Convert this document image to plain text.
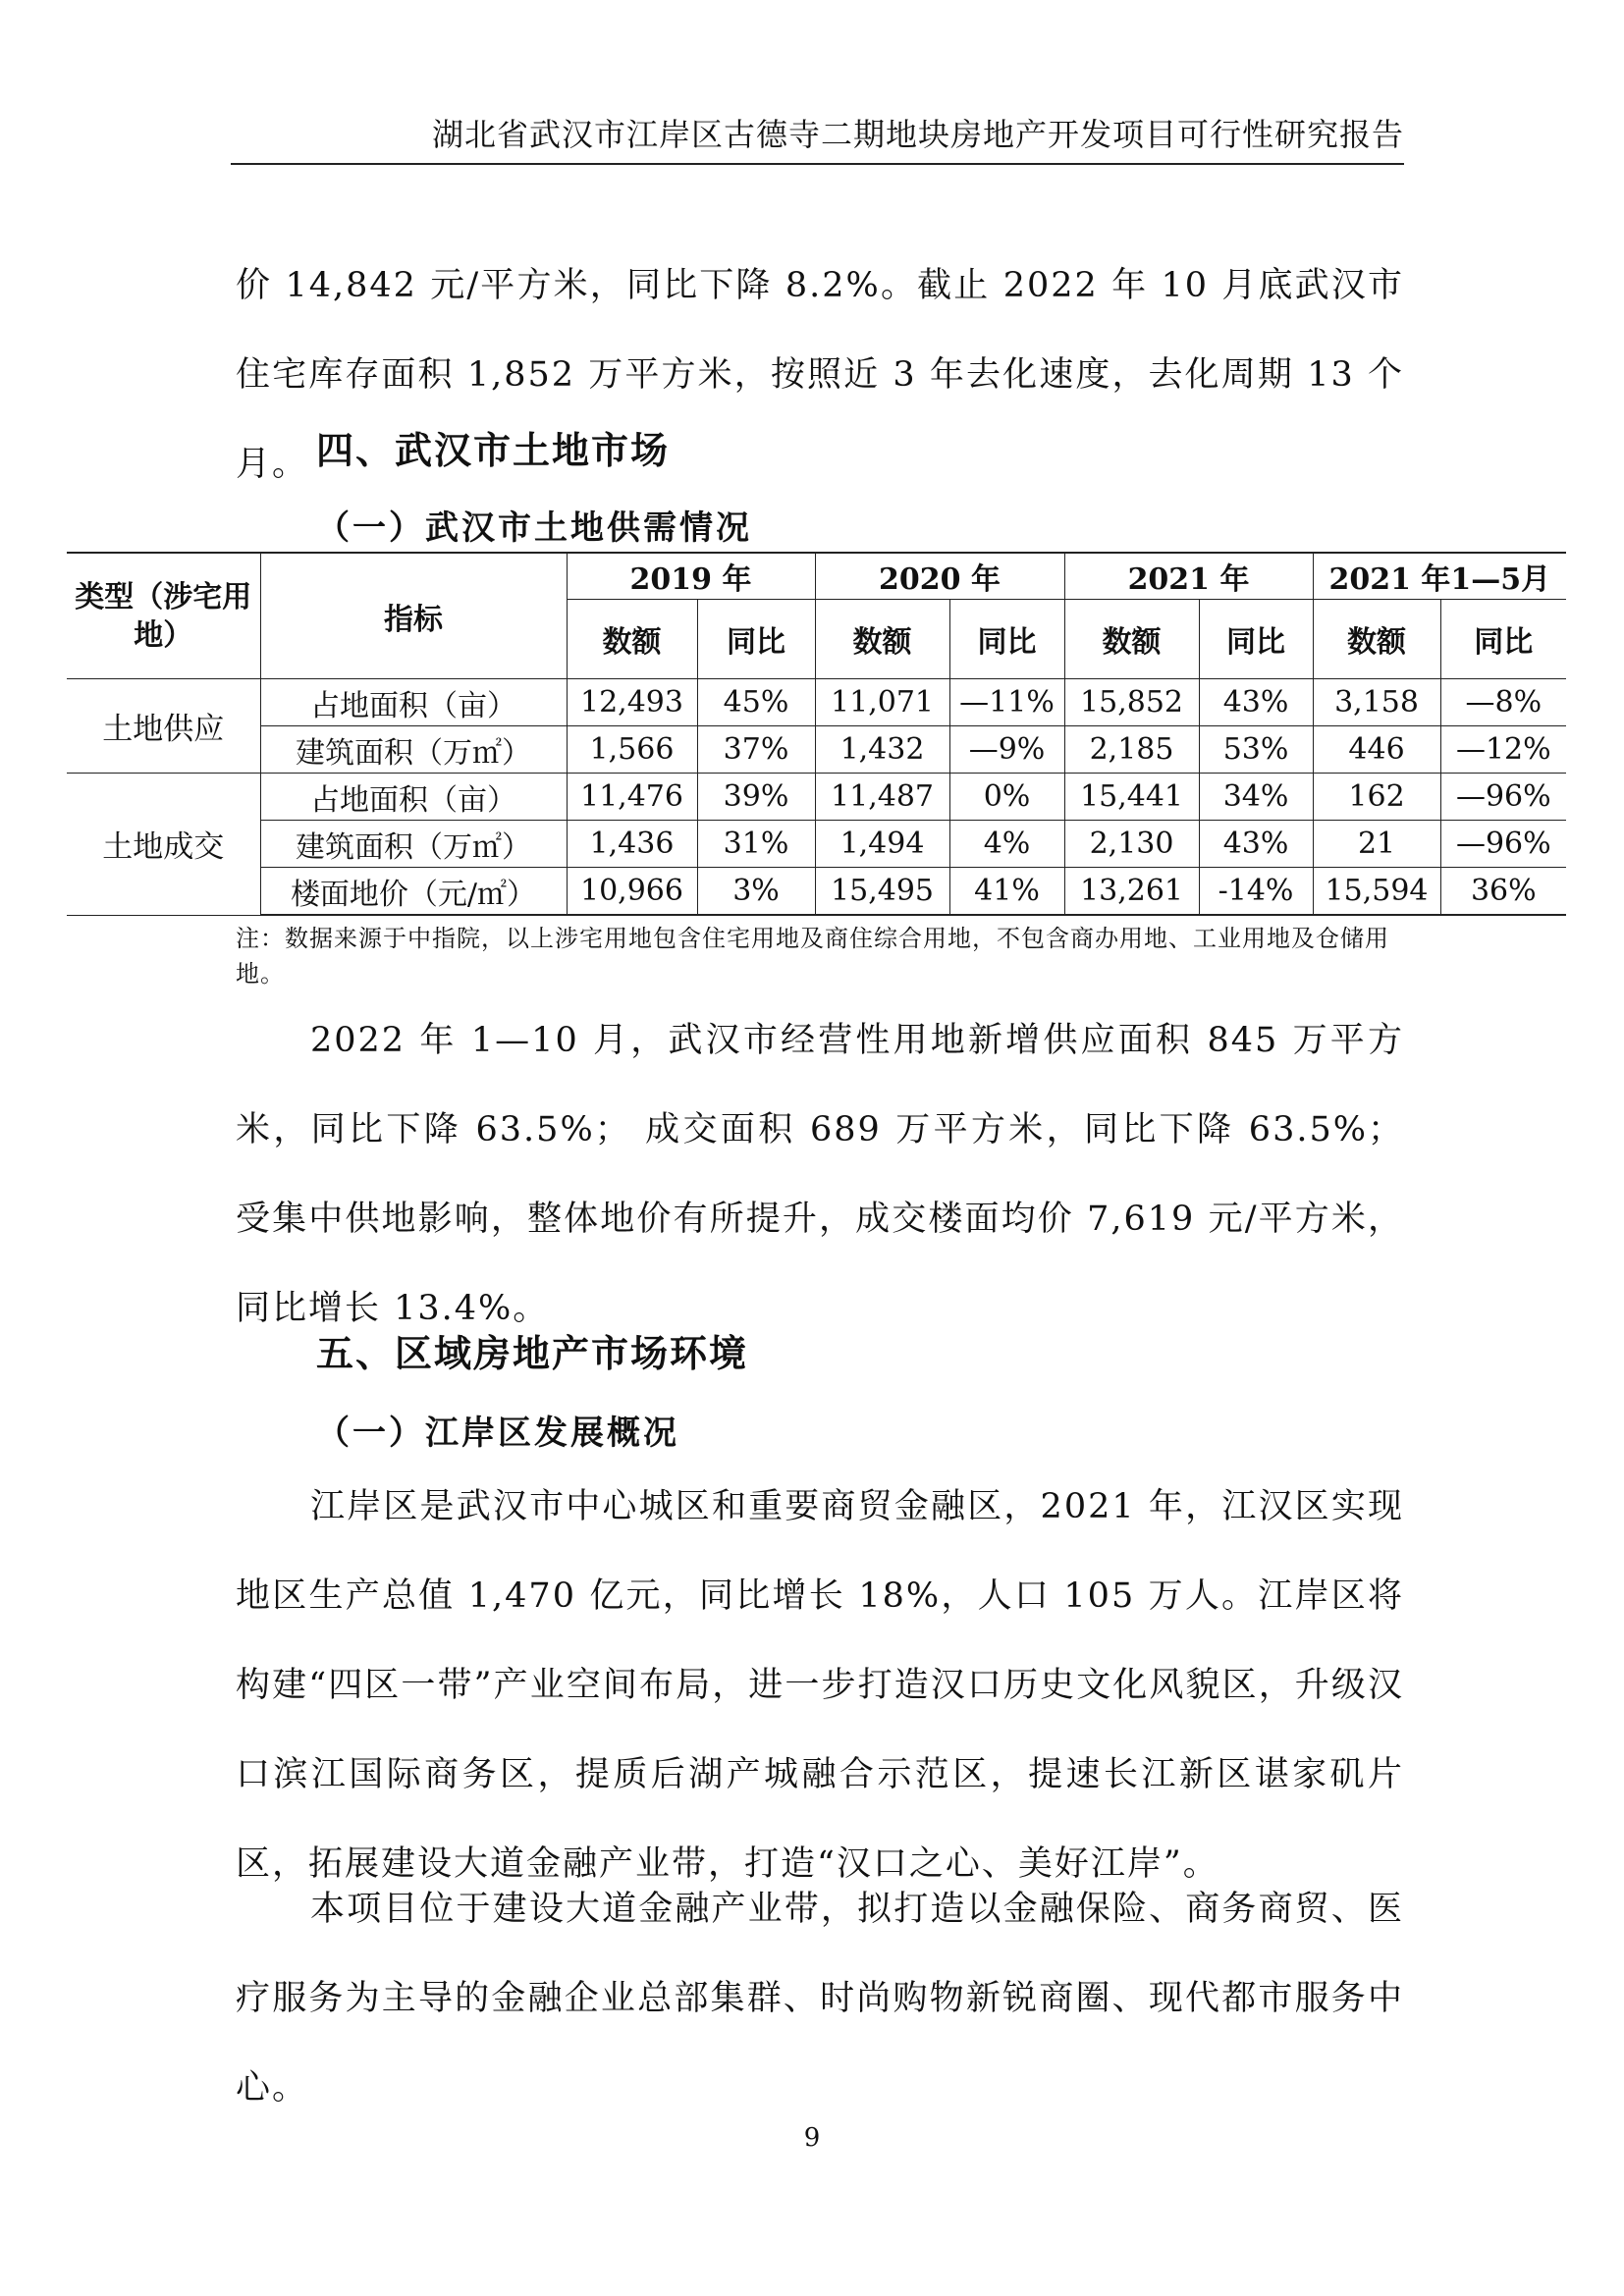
湖北省武汉市江岸区古德寺二期地块房地产开发项目可行性研究报告

价 14,842 元/平方米，同比下降 8.2%。截止 2022 年 10 月底武汉市住宅库存面积 1,852 万平方米，按照近 3 年去化速度，去化周期 13 个月。 四、武汉市土地市场
（一）武汉市土地供需情况
类型（涉宅用地）	指标	2019 年		2020 年		2021 年		2021 年1—5月	
		数额	同比	数额	同比	数额	同比	数额	同比
土地供应	占地面积（亩）	12,493	45%	11,071	—11%	15,852	43%	3,158	—8%
	建筑面积（万㎡）	1,566	37%	1,432	—9%	2,185	53%	446	—12%
土地成交	占地面积（亩）	11,476	39%	11,487	0%	15,441	34%	162	—96%
	建筑面积（万㎡）	1,436	31%	1,494	4%	2,130	43%	21	—96%
	楼面地价（元/㎡）	10,966	3%	15,495	41%	13,261	-14%	15,594	36%

注：数据来源于中指院，以上涉宅用地包含住宅用地及商住综合用地，不包含商办用地、工业用地及仓储用地。

2022 年 1—10 月，武汉市经营性用地新增供应面积 845 万平方米，同比下降 63.5%； 成交面积 689 万平方米，同比下降 63.5%；受集中供地影响，整体地价有所提升，成交楼面均价 7,619 元/平方米，同比增长 13.4%。

五、区域房地产市场环境
（一）江岸区发展概况

江岸区是武汉市中心城区和重要商贸金融区，2021 年，江汉区实现地区生产总值 1,470 亿元，同比增长 18%，人口 105 万人。江岸区将构建“四区一带”产业空间布局，进一步打造汉口历史文化风貌区，升级汉口滨江国际商务区，提质后湖产城融合示范区，提速长江新区谌家矶片区，拓展建设大道金融产业带，打造“汉口之心、美好江岸”。

本项目位于建设大道金融产业带，拟打造以金融保险、商务商贸、医疗服务为主导的金融企业总部集群、时尚购物新锐商圈、现代都市服务中心。

9
